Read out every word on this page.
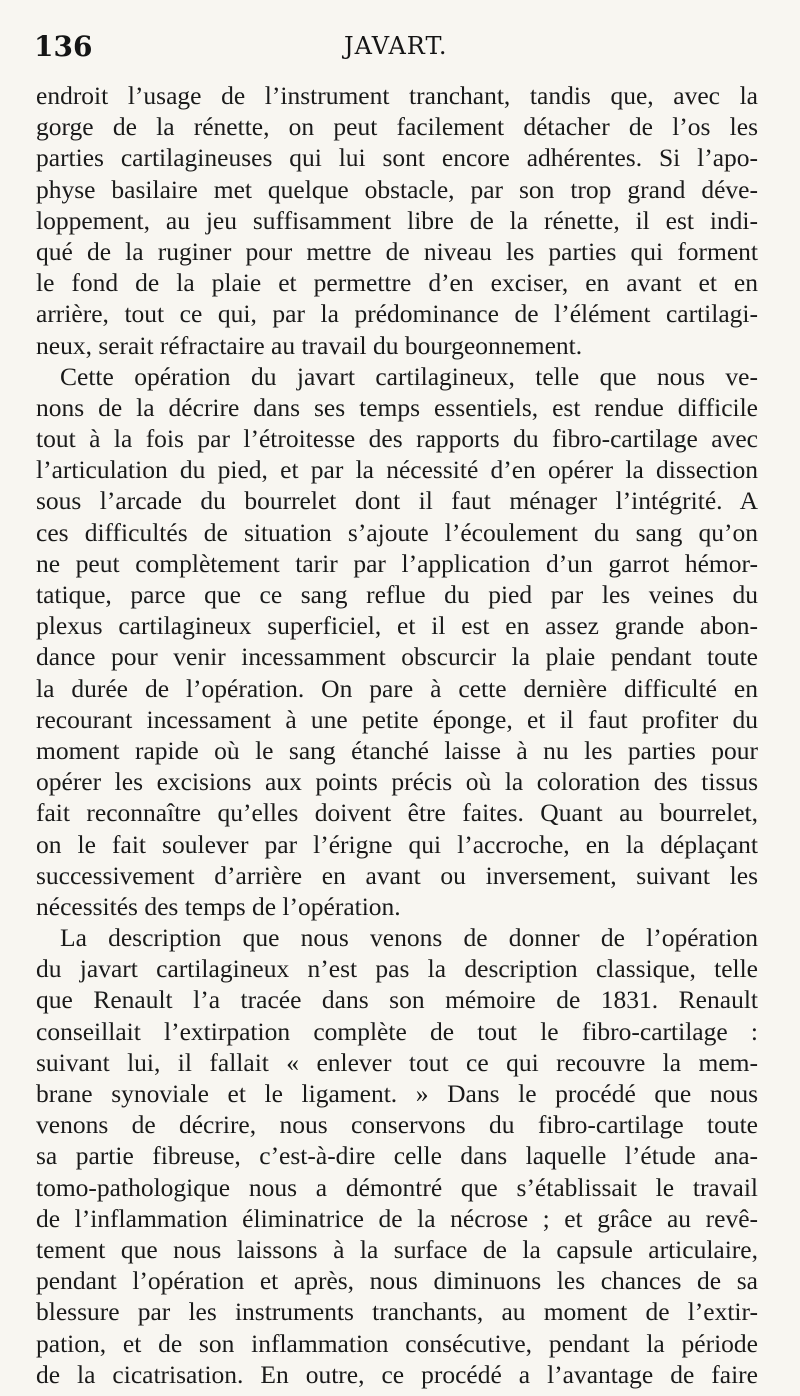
136	JAVART.
endroit l’usage de l’instrument tranchant, tandis que, avec la
gorge de la rénette, on peut facilement détacher de l’os les
parties cartilagineuses qui lui sont encore adhérentes. Si l’apo-
physe basilaire met quelque obstacle, par son trop grand déve-
loppement, au jeu suffisamment libre de la rénette, il est indi-
qué de la ruginer pour mettre de niveau les parties qui forment
le fond de la plaie et permettre d’en exciser, en avant et en
arrière, tout ce qui, par la prédominance de l’élément cartilagi-
neux, serait réfractaire au travail du bourgeonnement.
Cette opération du javart cartilagineux, telle que nous ve-
nons de la décrire dans ses temps essentiels, est rendue difficile
tout à la fois par l’étroitesse des rapports du fibro-cartilage avec
l’articulation du pied, et par la nécessité d’en opérer la dissection
sous l’arcade du bourrelet dont il faut ménager l’intégrité. A
ces difficultés de situation s’ajoute l’écoulement du sang qu’on
ne peut complètement tarir par l’application d’un garrot hémor-
tatique, parce que ce sang reflue du pied par les veines du
plexus cartilagineux superficiel, et il est en assez grande abon-
dance pour venir incessamment obscurcir la plaie pendant toute
la durée de l’opération. On pare à cette dernière difficulté en
recourant incessament à une petite éponge, et il faut profiter du
moment rapide où le sang étanché laisse à nu les parties pour
opérer les excisions aux points précis où la coloration des tissus
fait reconnaître qu’elles doivent être faites. Quant au bourrelet,
on le fait soulever par l’érigne qui l’accroche, en la déplaçant
successivement d’arrière en avant ou inversement, suivant les
nécessités des temps de l’opération.
La description que nous venons de donner de l’opération
du javart cartilagineux n’est pas la description classique, telle
que Renault l’a tracée dans son mémoire de 1831. Renault
conseillait l’extirpation complète de tout le fibro-cartilage :
suivant lui, il fallait « enlever tout ce qui recouvre la mem-
brane synoviale et le ligament. » Dans le procédé que nous
venons de décrire, nous conservons du fibro-cartilage toute
sa partie fibreuse, c’est-à-dire celle dans laquelle l’étude ana-
tomo-pathologique nous a démontré que s’établissait le travail
de l’inflammation éliminatrice de la nécrose ; et grâce au revê-
tement que nous laissons à la surface de la capsule articulaire,
pendant l’opération et après, nous diminuons les chances de sa
blessure par les instruments tranchants, au moment de l’extir-
pation, et de son inflammation consécutive, pendant la période
de la cicatrisation. En outre, ce procédé a l’avantage de faire
